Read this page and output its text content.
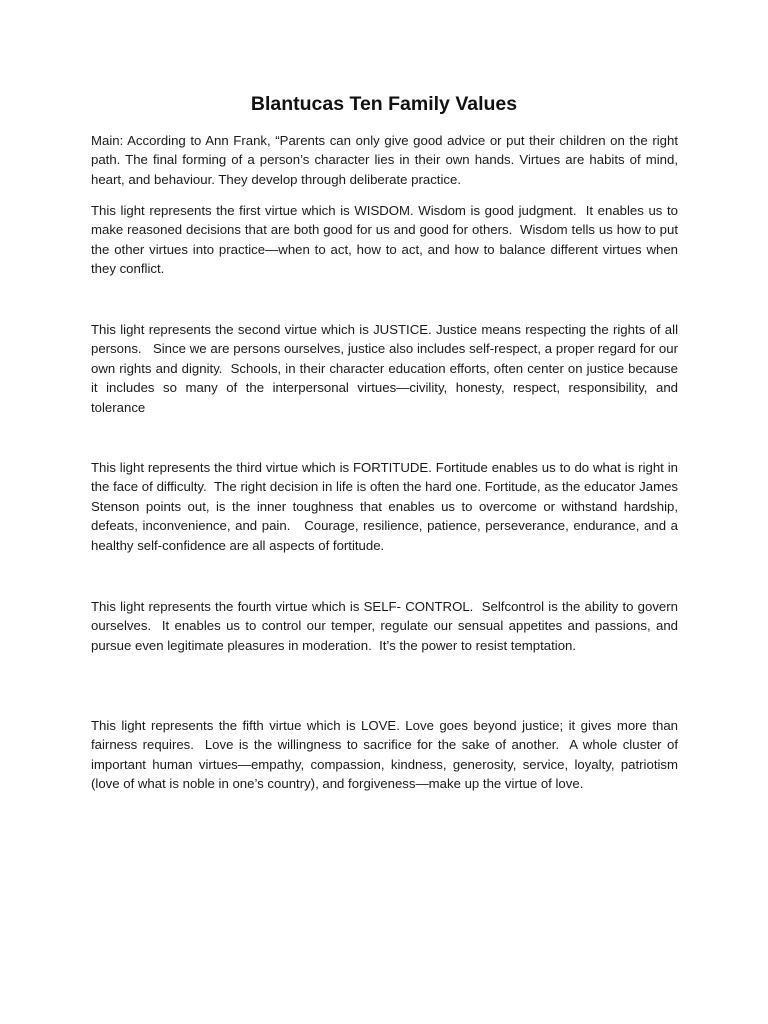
Blantucas Ten Family Values

Main: According to Ann Frank, “Parents can only give good advice or put their children on the right path. The final forming of a person’s character lies in their own hands. Virtues are habits of mind, heart, and behaviour. They develop through deliberate practice.

This light represents the first virtue which is WISDOM. Wisdom is good judgment.  It enables us to make reasoned decisions that are both good for us and good for others.  Wisdom tells us how to put the other virtues into practice—when to act, how to act, and how to balance different virtues when they conflict.

This light represents the second virtue which is JUSTICE. Justice means respecting the rights of all persons.   Since we are persons ourselves, justice also includes self-respect, a proper regard for our own rights and dignity.  Schools, in their character education efforts, often center on justice because it includes so many of the interpersonal virtues—civility, honesty, respect, responsibility, and tolerance

This light represents the third virtue which is FORTITUDE. Fortitude enables us to do what is right in the face of difficulty.  The right decision in life is often the hard one. Fortitude, as the educator James Stenson points out, is the inner toughness that enables us to overcome or withstand hardship, defeats, inconvenience, and pain.   Courage, resilience, patience, perseverance, endurance, and a healthy self-confidence are all aspects of fortitude.

This light represents the fourth virtue which is SELF- CONTROL.  Selfcontrol is the ability to govern ourselves.  It enables us to control our temper, regulate our sensual appetites and passions, and pursue even legitimate pleasures in moderation.  It’s the power to resist temptation.

This light represents the fifth virtue which is LOVE. Love goes beyond justice; it gives more than fairness requires.  Love is the willingness to sacrifice for the sake of another.  A whole cluster of important human virtues—empathy, compassion, kindness, generosity, service, loyalty, patriotism (love of what is noble in one’s country), and forgiveness—make up the virtue of love.
